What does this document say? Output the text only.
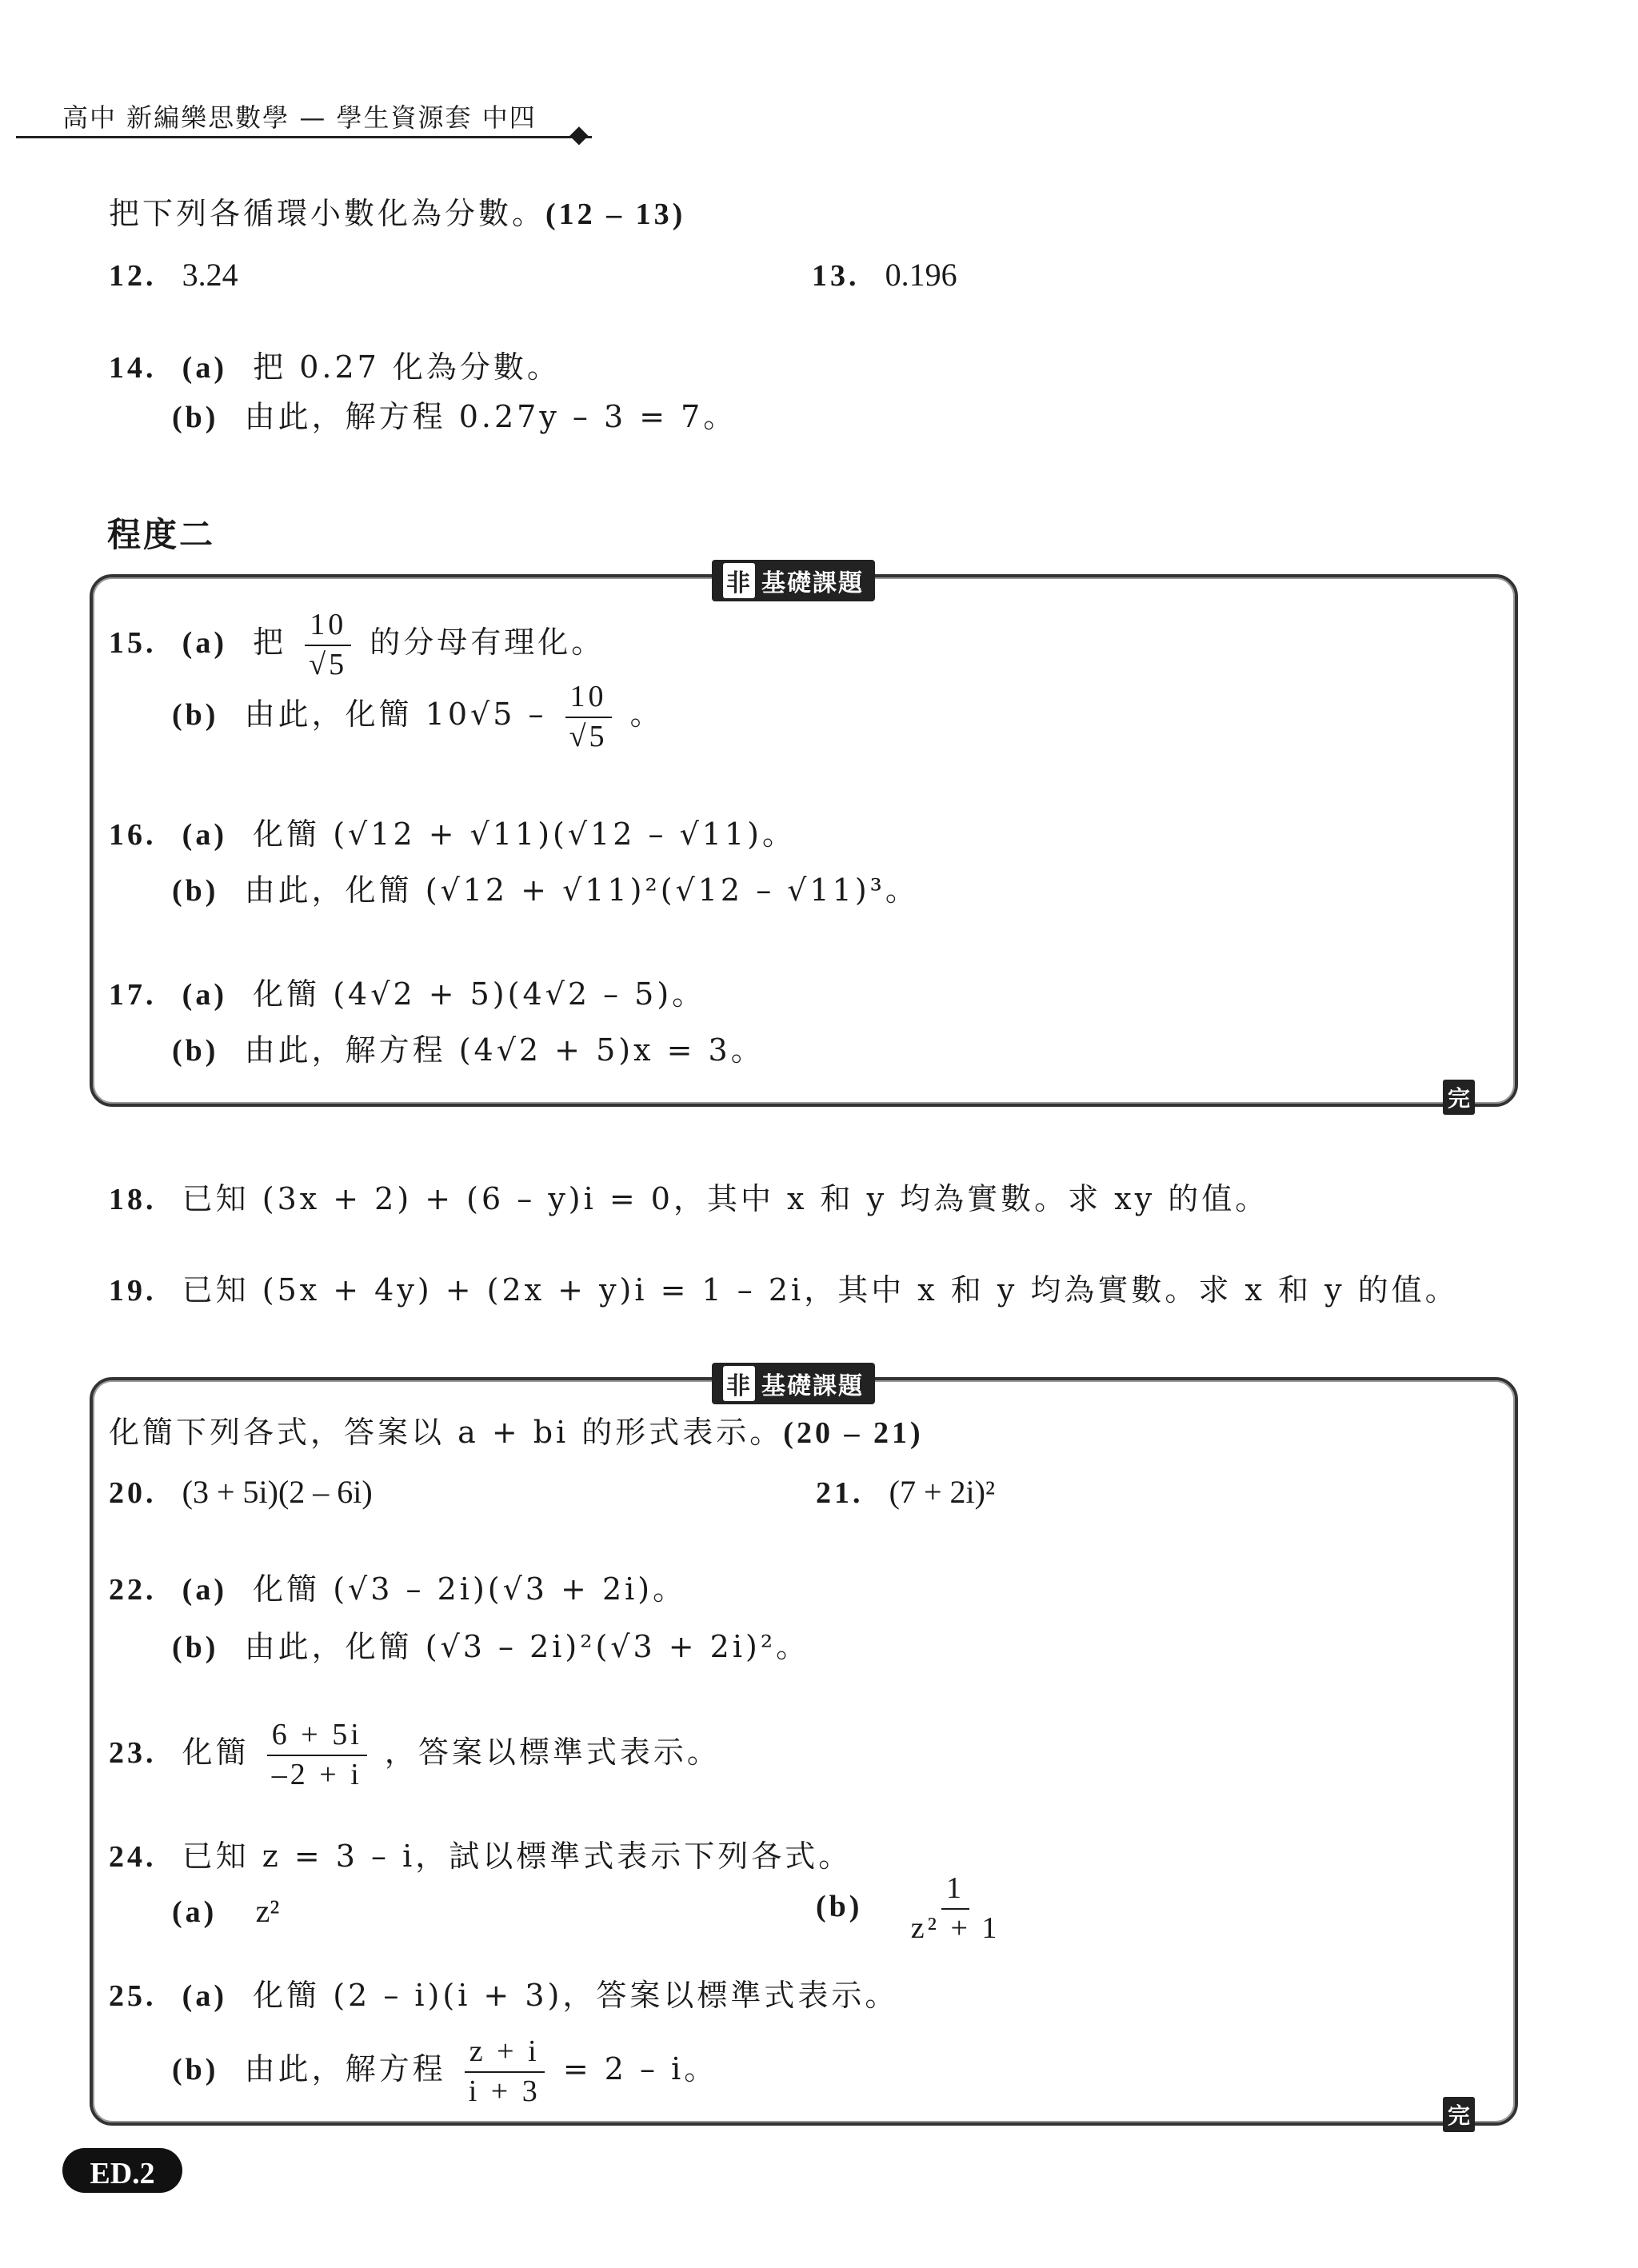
高中 新編樂思數學 — 學生資源套 中四
⬥
把下列各循環小數化為分數。(12 – 13)
12. 3.24	13. 0.196
14. (a) 把 0.27 化為分數。
(b) 由此，解方程 0.27y – 3 = 7。
程度二
非 基礎課題
完
15. (a) 把 $\frac{10}{√5}$ 的分母有理化。
(b) 由此，化簡 $10√5 - \frac{10}{√5}$ 。
16. (a) 化簡 (√12 + √11)(√12 – √11)。
(b) 由此，化簡 (√12 + √11)²(√12 – √11)³。
17. (a) 化簡 (4√2 + 5)(4√2 – 5)。
(b) 由此，解方程 (4√2 + 5)x = 3。
18. 已知 (3x + 2) + (6 – y)i = 0，其中 x 和 y 均為實數。求 xy 的值。
19. 已知 (5x + 4y) + (2x + y)i = 1 – 2i，其中 x 和 y 均為實數。求 x 和 y 的值。
非 基礎課題
完
化簡下列各式，答案以 a + bi 的形式表示。(20 – 21)
20. (3 + 5i)(2 – 6i)	21. (7 + 2i)²
22. (a) 化簡 (√3 – 2i)(√3 + 2i)。
(b) 由此，化簡 (√3 – 2i)²(√3 + 2i)²。
23. 化簡 $\frac{6 + 5i}{-2 + i}$ ，答案以標準式表示。
24. 已知 z = 3 – i，試以標準式表示下列各式。
(a) z²	$(b) \frac{1}{\text{z² + 1}}$
25. (a) 化簡 (2 – i)(i + 3)，答案以標準式表示。
(b) 由此，解方程 $\frac{z + i}{i + 3} = 2 - i$。
ED.2
